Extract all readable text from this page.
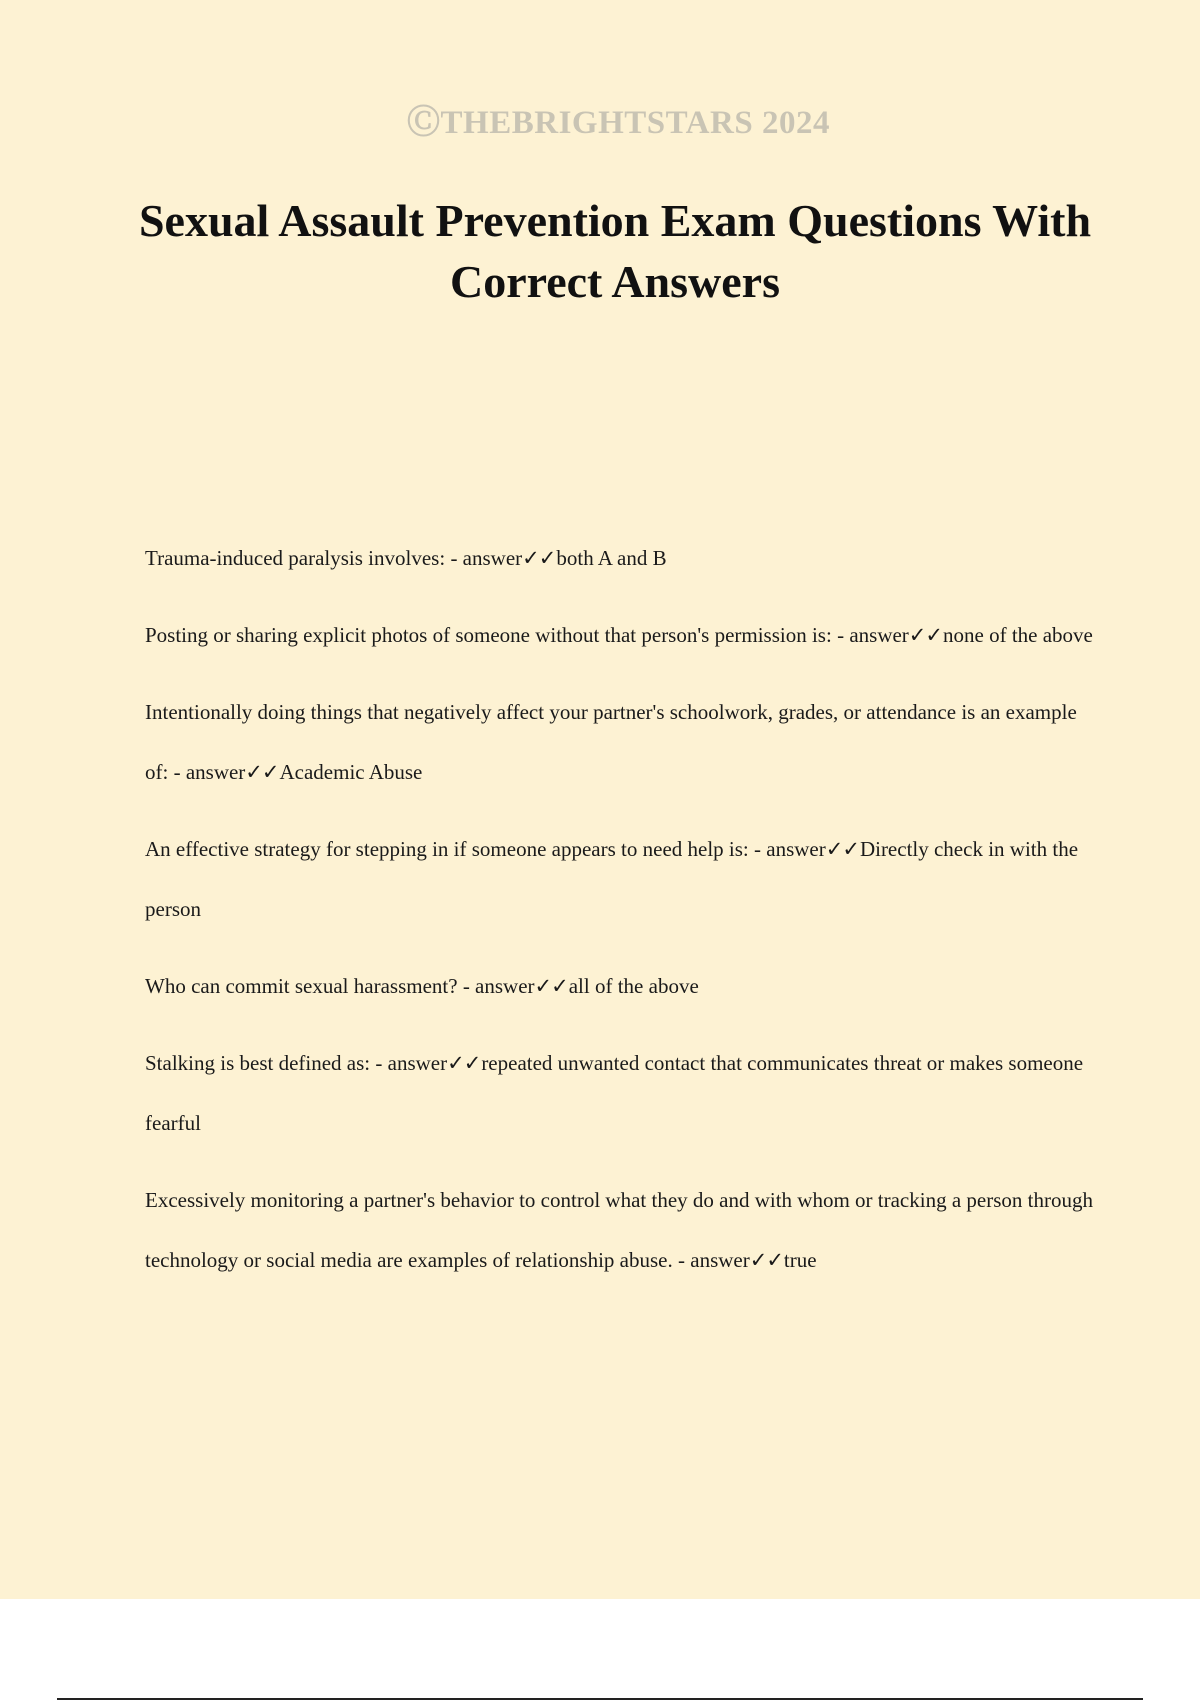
ⒸTHEBRIGHTSTARS 2024
Sexual Assault Prevention Exam Questions With Correct Answers

Trauma-induced paralysis involves: - answer✓✓both A and B

Posting or sharing explicit photos of someone without that person's permission is: - answer✓✓none of the above

Intentionally doing things that negatively affect your partner's schoolwork, grades, or attendance is an example of: - answer✓✓Academic Abuse

An effective strategy for stepping in if someone appears to need help is: - answer✓✓Directly check in with the person

Who can commit sexual harassment? - answer✓✓all of the above

Stalking is best defined as: - answer✓✓repeated unwanted contact that communicates threat or makes someone fearful

Excessively monitoring a partner's behavior to control what they do and with whom or tracking a person through technology or social media are examples of relationship abuse. - answer✓✓true
